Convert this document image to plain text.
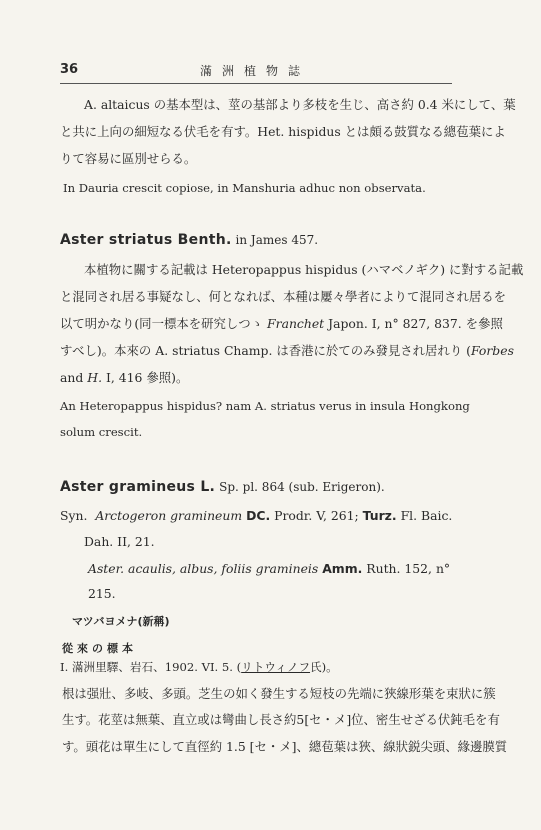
36	滿洲植物誌
A. altaicus の基本型は、莖の基部より多枝を生じ、高さ約 0.4 米にして、葉
と共に上向の細短なる伏毛を有す。Het. hispidus とは頗る鼓質なる總苞葉によ
りて容易に區別せらる。
In Dauria crescit copiose, in Manshuria adhuc non observata.
Aster striatus Benth. in James 457.
本植物に關する記載は Heteropappus hispidus (ハマベノギク) に對する記載
と混同され居る事疑なし、何となれば、本種は屢々學者によりて混同され居るを
以て明かなり(同一標本を研究しつゝ Franchet Japon. I, n° 827, 837. を參照
すべし)。本來の A. striatus Champ. は香港に於てのみ發見され居れり (Forbes
and H. I, 416 參照)。
An Heteropappus hispidus? nam A. striatus verus in insula Hongkong
solum crescit.
Aster gramineus L. Sp. pl. 864 (sub. Erigeron).
Syn. Arctogeron gramineum DC. Prodr. V, 261; Turz. Fl. Baic.
Dah. II, 21.
Aster. acaulis, albus, foliis gramineis Amm. Ruth. 152, n°
215.
マツバヨメナ(新稱)
從來の標本
I. 滿洲里驛、岩石、1902. VI. 5. (リトウィノフ氏)。
根は强壯、多岐、多頭。芝生の如く發生する短枝の先端に狹線形葉を束狀に簇
生す。花莖は無葉、直立或は彎曲し長さ約5[セ・メ]位、密生せざる伏鈍毛を有
す。頭花は單生にして直徑約 1.5 [セ・メ]、總苞葉は狹、線狀鋭尖頭、緣邊膜質
